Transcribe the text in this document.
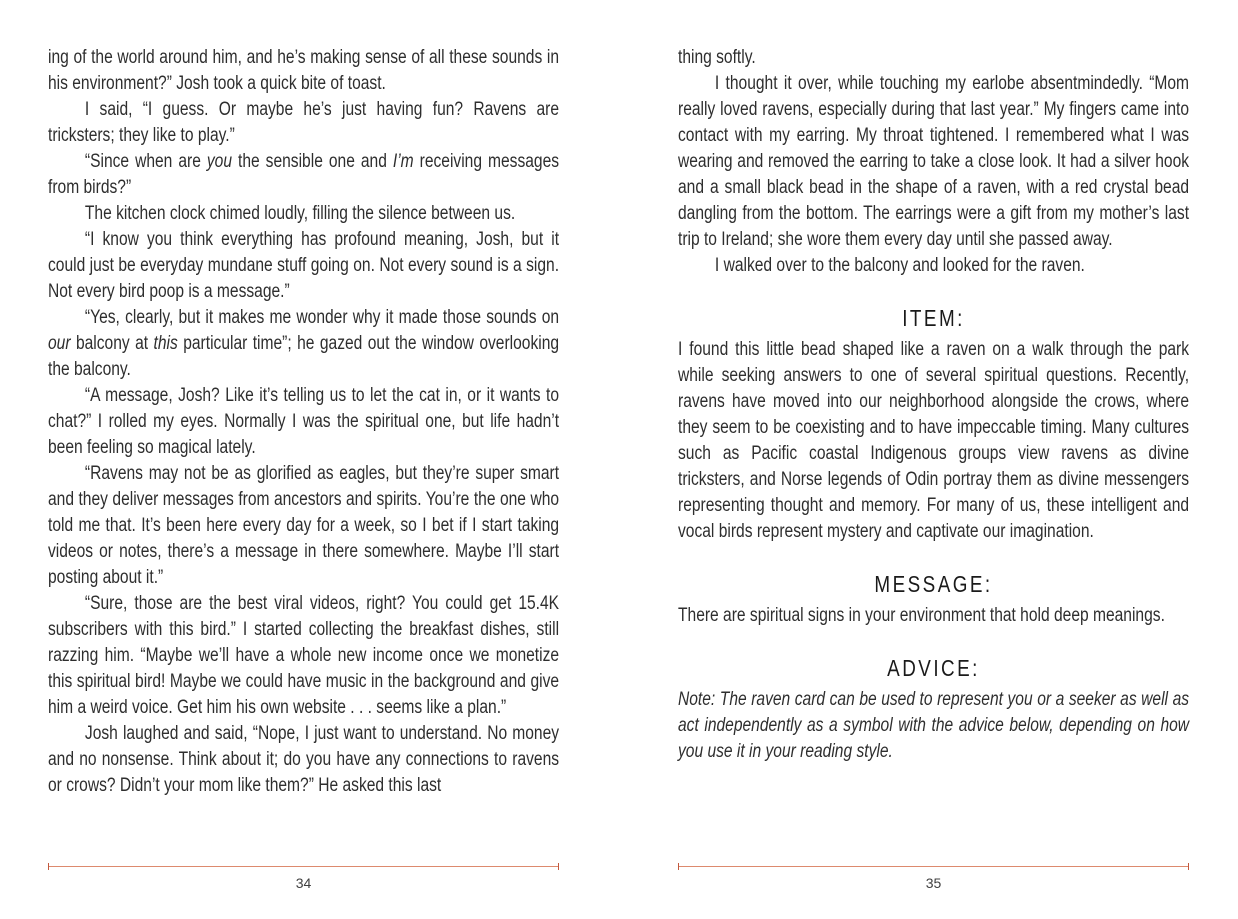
ing of the world around him, and he’s making sense of all these sounds in his environment?” Josh took a quick bite of toast.

I said, “I guess. Or maybe he’s just having fun? Ravens are tricksters; they like to play.”

“Since when are you the sensible one and I’m receiving messages from birds?”

The kitchen clock chimed loudly, filling the silence between us.

“I know you think everything has profound meaning, Josh, but it could just be everyday mundane stuff going on. Not every sound is a sign. Not every bird poop is a message.”

“Yes, clearly, but it makes me wonder why it made those sounds on our balcony at this particular time”; he gazed out the window overlooking the balcony.

“A message, Josh? Like it’s telling us to let the cat in, or it wants to chat?” I rolled my eyes. Normally I was the spiritual one, but life hadn’t been feeling so magical lately.

“Ravens may not be as glorified as eagles, but they’re super smart and they deliver messages from ancestors and spirits. You’re the one who told me that. It’s been here every day for a week, so I bet if I start taking videos or notes, there’s a message in there somewhere. Maybe I’ll start posting about it.”

“Sure, those are the best viral videos, right? You could get 15.4K subscribers with this bird.” I started collecting the breakfast dishes, still razzing him. “Maybe we’ll have a whole new income once we monetize this spiritual bird! Maybe we could have music in the background and give him a weird voice. Get him his own website . . . seems like a plan.”

Josh laughed and said, “Nope, I just want to understand. No money and no nonsense. Think about it; do you have any connections to ravens or crows? Didn’t your mom like them?” He asked this last

34

thing softly.

I thought it over, while touching my earlobe absentmindedly. “Mom really loved ravens, especially during that last year.” My fingers came into contact with my earring. My throat tightened. I remembered what I was wearing and removed the earring to take a close look. It had a silver hook and a small black bead in the shape of a raven, with a red crystal bead dangling from the bottom. The earrings were a gift from my mother’s last trip to Ireland; she wore them every day until she passed away.

I walked over to the balcony and looked for the raven.

ITEM:

I found this little bead shaped like a raven on a walk through the park while seeking answers to one of several spiritual questions. Recently, ravens have moved into our neighborhood alongside the crows, where they seem to be coexisting and to have impeccable timing. Many cultures such as Pacific coastal Indigenous groups view ravens as divine tricksters, and Norse legends of Odin portray them as divine messengers representing thought and memory. For many of us, these intelligent and vocal birds represent mystery and captivate our imagination.

MESSAGE:

There are spiritual signs in your environment that hold deep meanings.

ADVICE:

Note: The raven card can be used to represent you or a seeker as well as act independently as a symbol with the advice below, depending on how you use it in your reading style.

35
